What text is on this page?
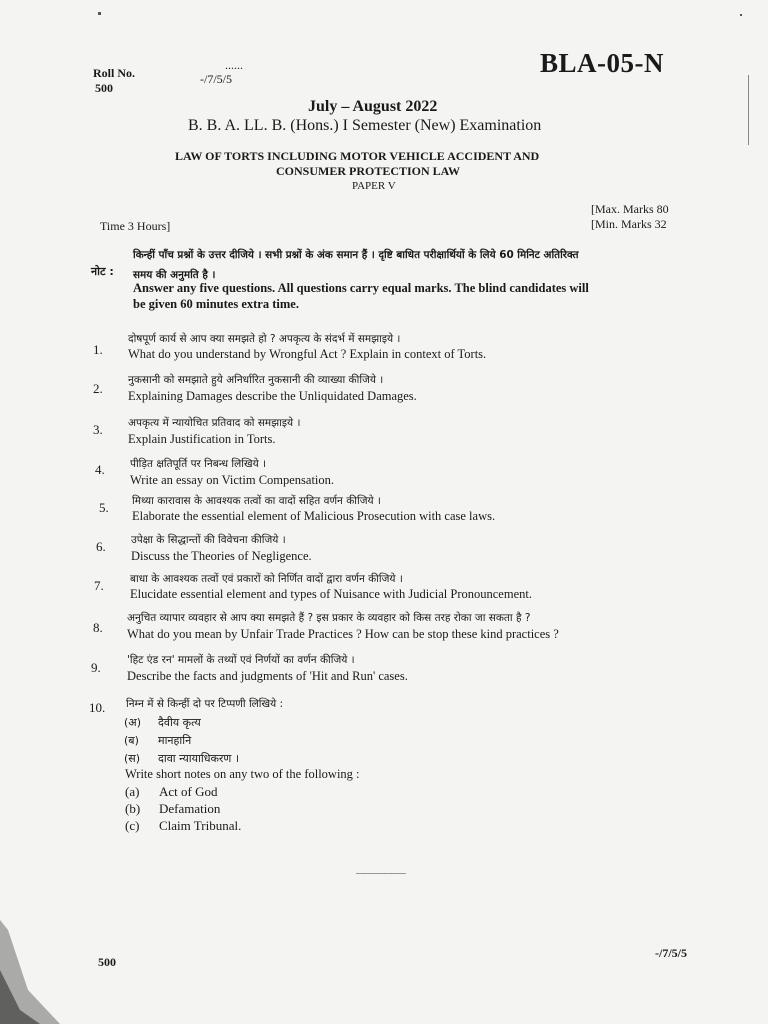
Roll No.
......
-/7/5/5
500
BLA-05-N
July – August 2022
B. B. A. LL. B. (Hons.) I Semester (New) Examination
LAW OF TORTS INCLUDING MOTOR VEHICLE ACCIDENT AND
CONSUMER PROTECTION LAW
PAPER V
Time 3 Hours]
[Max. Marks 80
[Min. Marks 32
नोट :
किन्हीं पाँच प्रश्नों के उत्तर दीजिये । सभी प्रश्नों के अंक समान हैं । दृष्टि बाधित परीक्षार्थियों के लिये 60 मिनिट अतिरिक्त
समय की अनुमति है ।
Answer any five questions. All questions carry equal marks. The blind candidates will
be given 60 minutes extra time.
1.
दोषपूर्ण कार्य से आप क्या समझते हो ? अपकृत्य के संदर्भ में समझाइये ।
What do you understand by Wrongful Act ? Explain in context of Torts.
2.
नुकसानी को समझाते हुये अनिर्धारित नुकसानी की व्याख्या कीजिये ।
Explaining Damages describe the Unliquidated Damages.
3. अपकृत्य में न्यायोचित प्रतिवाद को समझाइये ।
Explain Justification in Torts.
4. पीड़ित क्षतिपूर्ति पर निबन्ध लिखिये ।
Write an essay on Victim Compensation.
5. मिथ्या कारावास के आवश्यक तत्वों का वादों सहित वर्णन कीजिये ।
Elaborate the essential element of Malicious Prosecution with case laws.
6. उपेक्षा के सिद्धान्तों की विवेचना कीजिये ।
Discuss the Theories of Negligence.
7.	बाधा के आवश्यक तत्वों एवं प्रकारों को निर्णित वादों द्वारा वर्णन कीजिये ।
Elucidate essential element and types of Nuisance with Judicial Pronouncement.
8.
अनुचित व्यापार व्यवहार से आप क्या समझते हैं ? इस प्रकार के व्यवहार को किस तरह रोका जा सकता है ?
What do you mean by Unfair Trade Practices ? How can be stop these kind practices ?
9.	'हिट एंड रन' मामलों के तथ्यों एवं निर्णयों का वर्णन कीजिये ।
Describe the facts and judgments of 'Hit and Run' cases.
10. निम्न में से किन्हीं दो पर टिप्पणी लिखिये :
(अ) दैवीय कृत्य
(ब) मानहानि
(स) दावा न्यायाधिकरण ।
Write short notes on any two of the following :
(a) Act of God
(b) Defamation
(c) Claim Tribunal.
———————
500
-/7/5/5
